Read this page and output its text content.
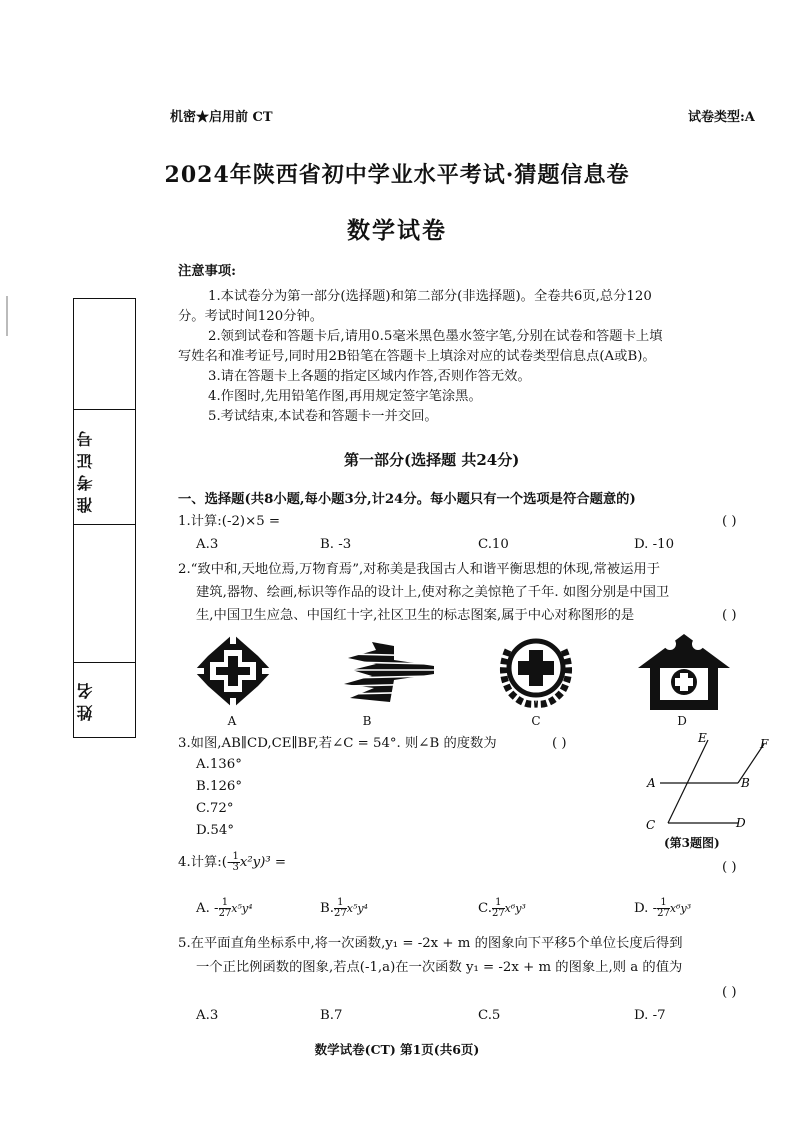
机密★启用前 CT	试卷类型:A
2024年陕西省初中学业水平考试·猜题信息卷
数学试卷
注意事项:
1.本试卷分为第一部分(选择题)和第二部分(非选择题)。全卷共6页,总分120
分。考试时间120分钟。
2.领到试卷和答题卡后,请用0.5毫米黑色墨水签字笔,分别在试卷和答题卡上填
写姓名和准考证号,同时用2B铅笔在答题卡上填涂对应的试卷类型信息点(A或B)。
3.请在答题卡上各题的指定区域内作答,否则作答无效。
4.作图时,先用铅笔作图,再用规定签字笔涂黑。
5.考试结束,本试卷和答题卡一并交回。
准考证号
姓名
第一部分(选择题 共24分)
一、选择题(共8小题,每小题3分,计24分。每小题只有一个选项是符合题意的)
1.计算:(-2)×5 =	( )
A.3	B. -3	C.10	D. -10
2.“致中和,天地位焉,万物育焉”,对称美是我国古人和谐平衡思想的休现,常被运用于
建筑,器物、绘画,标识等作品的设计上,使对称之美惊艳了千年. 如图分别是中国卫
生,中国卫生应急、中国红十字,社区卫生的标志图案,属于中心对称图形的是	( )
A	B	C	D
3.如图,AB∥CD,CE∥BF,若∠C = 54°. 则∠B 的度数为	( )
A.136°
B.126°
C.72°
D.54°
E	F
A	B
C	D
(第3题图)
4.计算:(- $\frac{1}{3} x^2y)^3$ =	( )
A. - $\frac{1}{27} x^5y^4$	B. $\frac{1}{27} x^5y^4$	C. $\frac{1}{27} x^6y^3$	D. - $\frac{1}{27} x^6y^3$
5.在平面直角坐标系中,将一次函数,y₁ = -2x + m 的图象向下平移5个单位长度后得到
一个正比例函数的图象,若点(-1,a)在一次函数 y₁ = -2x + m 的图象上,则 a 的值为
( )
A.3	B.7	C.5	D. -7
数学试卷(CT) 第1页(共6页)
